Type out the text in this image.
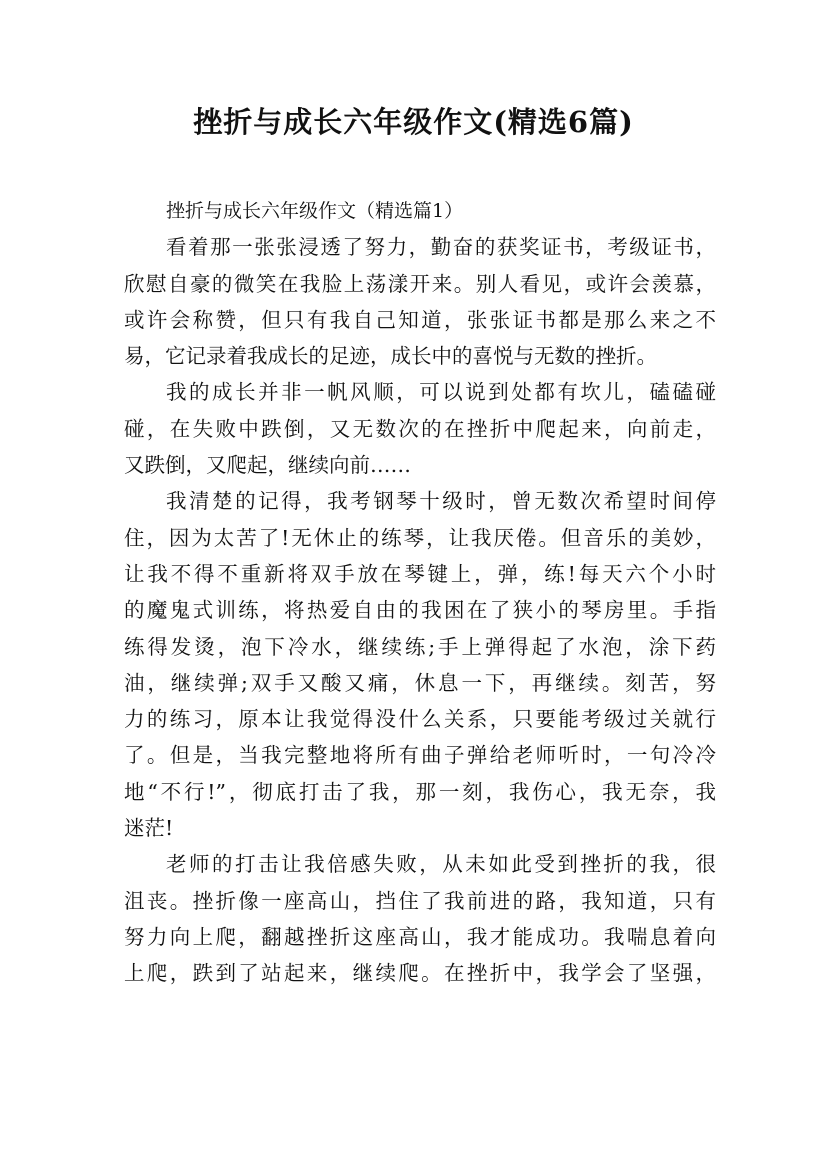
挫折与成长六年级作文(精选6篇)
挫折与成长六年级作文（精选篇1）
看着那一张张浸透了努力，勤奋的获奖证书，考级证书，
欣慰自豪的微笑在我脸上荡漾开来。别人看见，或许会羡慕，
或许会称赞，但只有我自己知道，张张证书都是那么来之不
易，它记录着我成长的足迹，成长中的喜悦与无数的挫折。
我的成长并非一帆风顺，可以说到处都有坎儿，磕磕碰
碰，在失败中跌倒，又无数次的在挫折中爬起来，向前走，
又跌倒，又爬起，继续向前……
我清楚的记得，我考钢琴十级时，曾无数次希望时间停
住，因为太苦了!无休止的练琴，让我厌倦。但音乐的美妙，
让我不得不重新将双手放在琴键上，弹，练!每天六个小时
的魔鬼式训练，将热爱自由的我困在了狭小的琴房里。手指
练得发烫，泡下冷水，继续练;手上弹得起了水泡，涂下药
油，继续弹;双手又酸又痛，休息一下，再继续。刻苦，努
力的练习，原本让我觉得没什么关系，只要能考级过关就行
了。但是，当我完整地将所有曲子弹给老师听时，一句冷冷
地“不行!”，彻底打击了我，那一刻，我伤心，我无奈，我
迷茫!
老师的打击让我倍感失败，从未如此受到挫折的我，很
沮丧。挫折像一座高山，挡住了我前进的路，我知道，只有
努力向上爬，翻越挫折这座高山，我才能成功。我喘息着向
上爬，跌到了站起来，继续爬。在挫折中，我学会了坚强，
